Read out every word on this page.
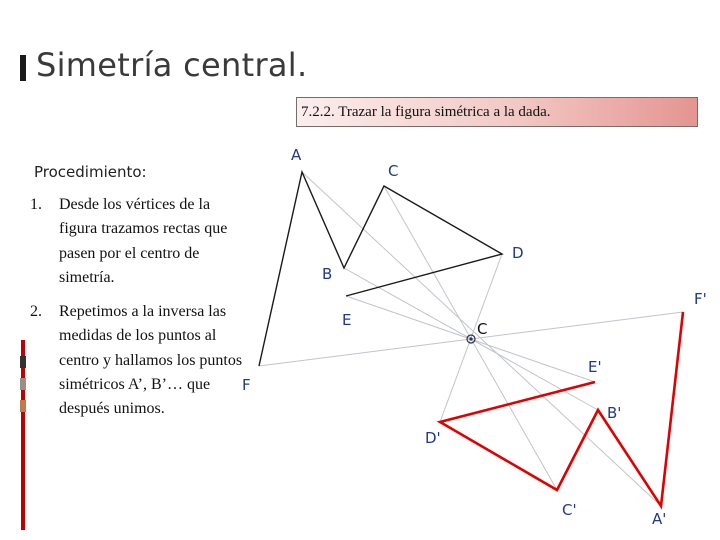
Simetría central.
7.2.2. Trazar la figura simétrica a la dada.
Procedimiento:
1. Desde los vértices de la figura trazamos rectas que pasen por el centro de simetría.
2. Repetimos a la inversa las medidas de los puntos al centro y hallamos los puntos simétricos A’, B’… que después unimos.
A
B
C
D
E
F
C
F'
E'
B'
D'
C'	A'
